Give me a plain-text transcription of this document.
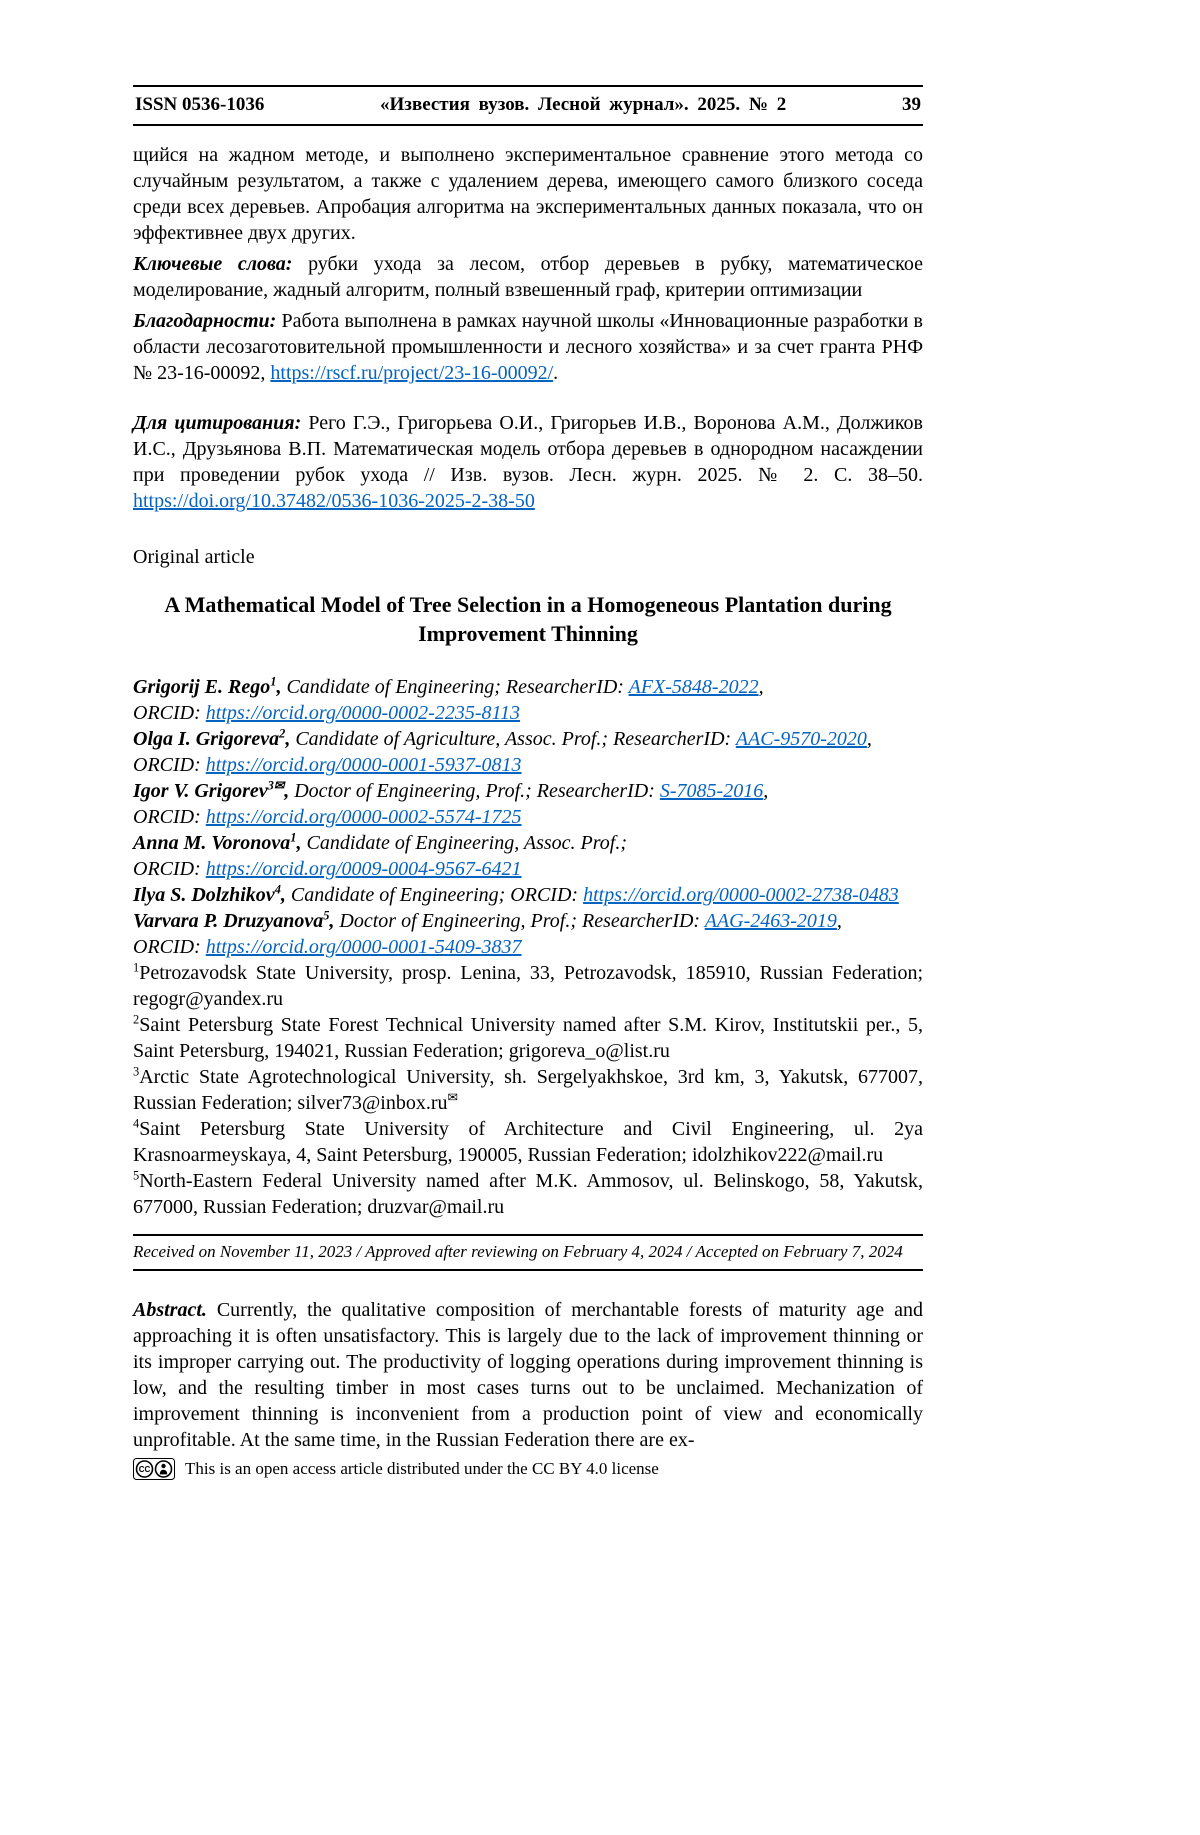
ISSN 0536-1036	«Известия вузов. Лесной журнал». 2025. № 2	39

щийся на жадном методе, и выполнено экспериментальное сравнение этого метода со случайным результатом, а также с удалением дерева, имеющего самого близкого соседа среди всех деревьев. Апробация алгоритма на экспериментальных данных показала, что он эффективнее двух других.

Ключевые слова: рубки ухода за лесом, отбор деревьев в рубку, математическое моделирование, жадный алгоритм, полный взвешенный граф, критерии оптимизации

Благодарности: Работа выполнена в рамках научной школы «Инновационные разработки в области лесозаготовительной промышленности и лесного хозяйства» и за счет гранта РНФ № 23-16-00092, https://rscf.ru/project/23-16-00092/.

Для цитирования: Рего Г.Э., Григорьева О.И., Григорьев И.В., Воронова А.М., Должиков И.С., Друзьянова В.П. Математическая модель отбора деревьев в однородном насаждении при проведении рубок ухода // Изв. вузов. Лесн. журн. 2025. № 2. С. 38–50. https://doi.org/10.37482/0536-1036-2025-2-38-50

Original article

A Mathematical Model of Tree Selection in a Homogeneous Plantation during Improvement Thinning
Grigorij E. Rego$^1$, Candidate of Engineering; ResearcherID: AFX-5848-2022,
ORCID: https://orcid.org/0000-0002-2235-8113
Olga I. Grigoreva$^2$, Candidate of Agriculture, Assoc. Prof.; ResearcherID: AAC-9570-2020,
ORCID: https://orcid.org/0000-0001-5937-0813
Igor V. Grigorev$^{3✉}$, Doctor of Engineering, Prof.; ResearcherID: S-7085-2016,
ORCID: https://orcid.org/0000-0002-5574-1725
Anna M. Voronova$^1$, Candidate of Engineering, Assoc. Prof.;
ORCID: https://orcid.org/0009-0004-9567-6421
Ilya S. Dolzhikov$^4$, Candidate of Engineering; ORCID: https://orcid.org/0000-0002-2738-0483
Varvara P. Druzyanova$^5$, Doctor of Engineering, Prof.; ResearcherID: AAG-2463-2019,
ORCID: https://orcid.org/0000-0001-5409-3837
$^1$Petrozavodsk State University, prosp. Lenina, 33, Petrozavodsk, 185910, Russian Federation; regogr@yandex.ru
$^2$Saint Petersburg State Forest Technical University named after S.M. Kirov, Institutskii per., 5, Saint Petersburg, 194021, Russian Federation; grigoreva_o@list.ru
$^3$Arctic State Agrotechnological University, sh. Sergelyakhskoe, 3rd km, 3, Yakutsk, 677007, Russian Federation; silver73@inbox.ru✉
$^4$Saint Petersburg State University of Architecture and Civil Engineering, ul. 2ya Krasnoarmeyskaya, 4, Saint Petersburg, 190005, Russian Federation; idolzhikov222@mail.ru
$^5$North-Eastern Federal University named after M.K. Ammosov, ul. Belinskogo, 58, Yakutsk, 677000, Russian Federation; druzvar@mail.ru
Received on November 11, 2023 / Approved after reviewing on February 4, 2024 / Accepted on February 7, 2024

Abstract. Currently, the qualitative composition of merchantable forests of maturity age and approaching it is often unsatisfactory. This is largely due to the lack of improvement thinning or its improper carrying out. The productivity of logging operations during improvement thinning is low, and the resulting timber in most cases turns out to be unclaimed. Mechanization of improvement thinning is inconvenient from a production point of view and economically unprofitable. At the same time, in the Russian Federation there are ex-

CC This is an open access article distributed under the CC BY 4.0 license
